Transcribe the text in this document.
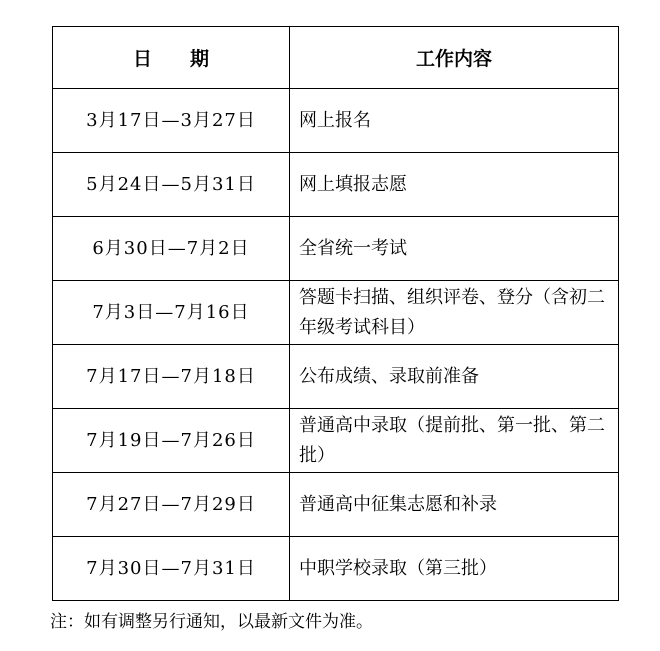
日　　期	工作内容
3月17日—3月27日	网上报名
5月24日—5月31日	网上填报志愿
6月30日—7月2日	全省统一考试
7月3日—7月16日	答题卡扫描、组织评卷、登分（含初二年级考试科目）
7月17日—7月18日	公布成绩、录取前准备
7月19日—7月26日	普通高中录取（提前批、第一批、第二批）
7月27日—7月29日	普通高中征集志愿和补录
7月30日—7月31日	中职学校录取（第三批）
注：如有调整另行通知，以最新文件为准。
